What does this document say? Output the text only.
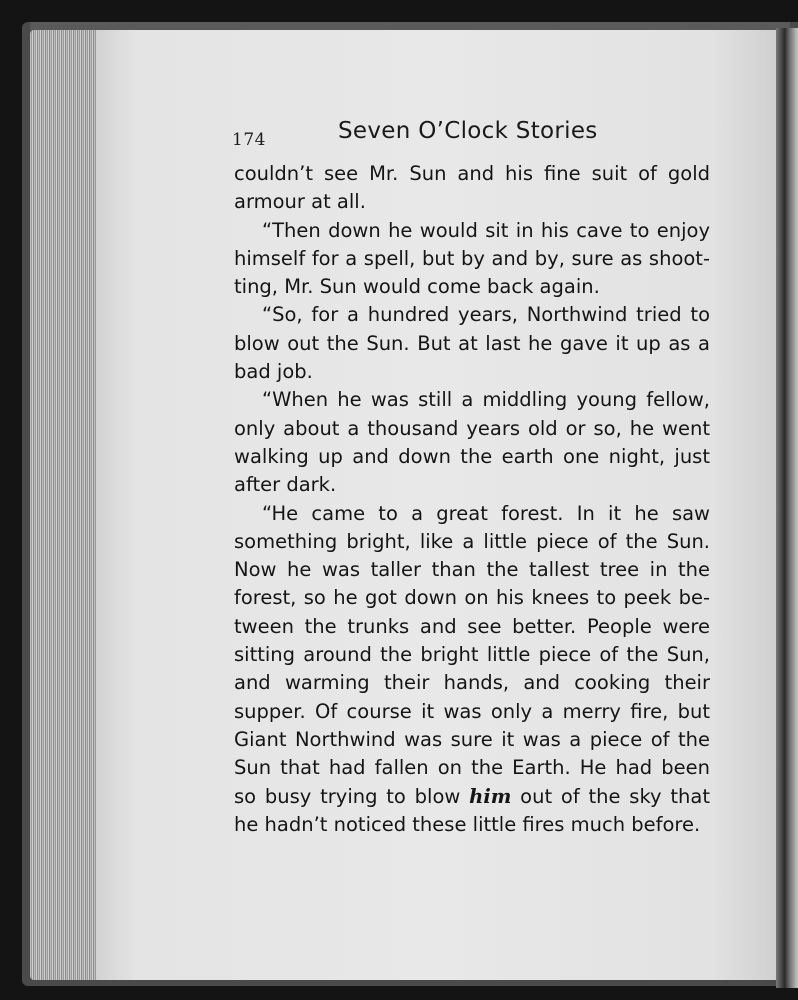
174	Seven O’Clock Stories

couldn’t see Mr. Sun and his fine suit of gold armour at all.

“Then down he would sit in his cave to enjoy himself for a spell, but by and by, sure as shootting, Mr. Sun would come back again.

“So, for a hundred years, Northwind tried to blow out the Sun. But at last he gave it up as a bad job.

“When he was still a middling young fellow, only about a thousand years old or so, he went walking up and down the earth one night, just after dark.

“He came to a great forest. In it he saw something bright, like a little piece of the Sun. Now he was taller than the tallest tree in the forest, so he got down on his knees to peek between the trunks and see better. People were sitting around the bright little piece of the Sun, and warming their hands, and cooking their supper. Of course it was only a merry fire, but Giant Northwind was sure it was a piece of the Sun that had fallen on the Earth. He had been so busy trying to blow him out of the sky that he hadn’t noticed these little fires much before.
